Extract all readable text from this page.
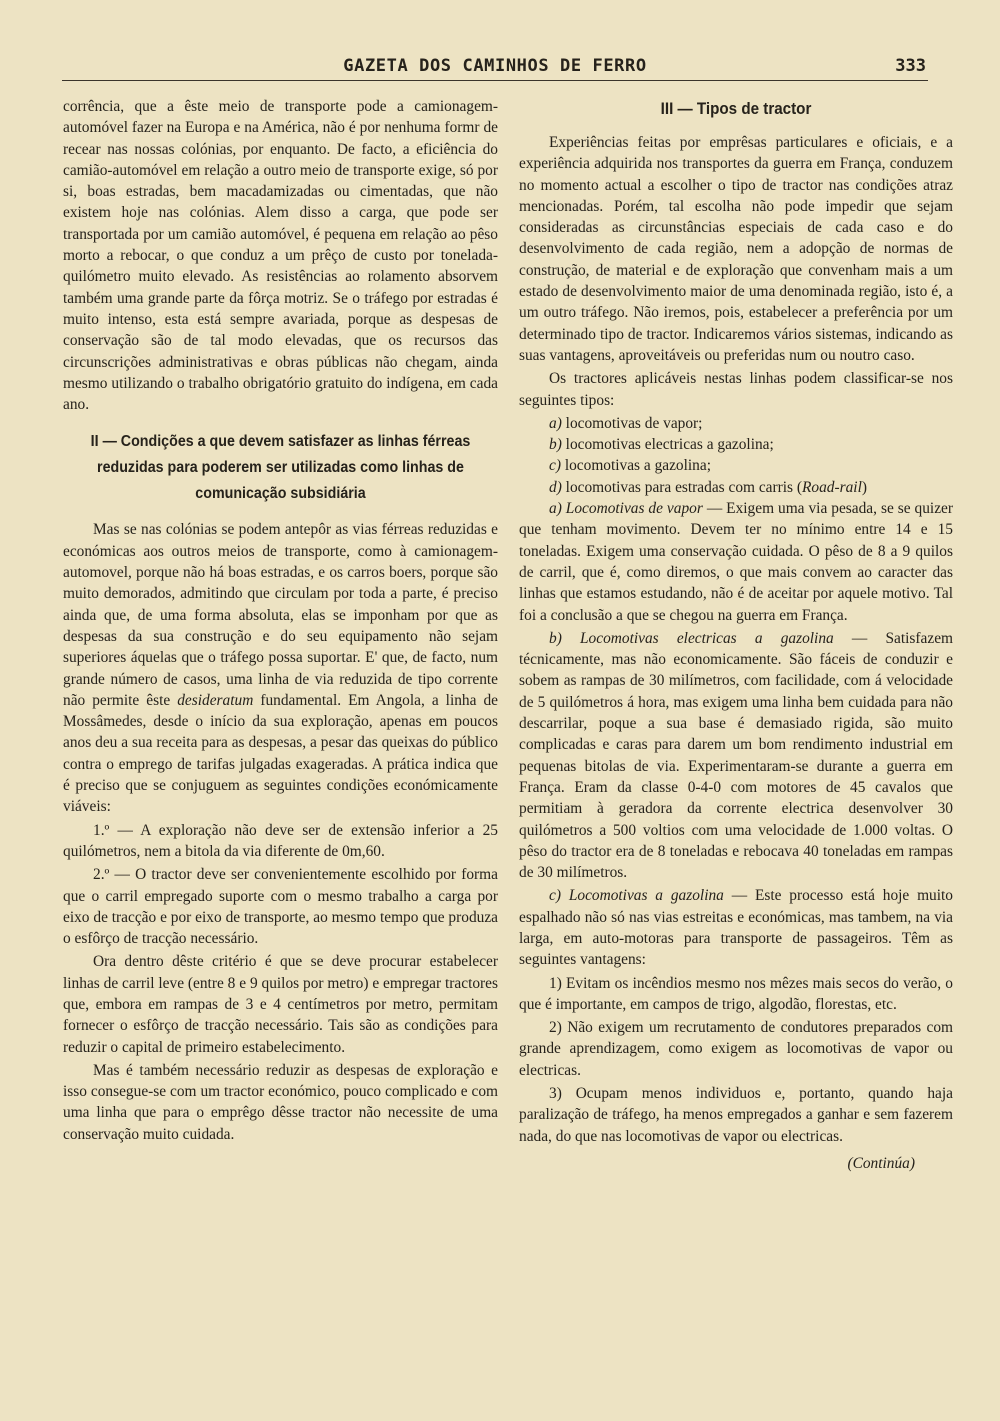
GAZETA DOS CAMINHOS DE FERRO	333

corrência, que a êste meio de transporte pode a camionagem-automóvel fazer na Europa e na América, não é por nenhuma formr de recear nas nossas colónias, por enquanto. De facto, a eficiência do camião-automóvel em relação a outro meio de transporte exige, só por si, boas estradas, bem macadamizadas ou cimentadas, que não existem hoje nas colónias. Alem disso a carga, que pode ser transportada por um camião automóvel, é pequena em relação ao pêso morto a rebocar, o que conduz a um prêço de custo por tonelada-quilómetro muito elevado. As resistências ao rolamento absorvem também uma grande parte da fôrça motriz. Se o tráfego por estradas é muito intenso, esta está sempre avariada, porque as despesas de conservação são de tal modo elevadas, que os recursos das circunscrições administrativas e obras públicas não chegam, ainda mesmo utilizando o trabalho obrigatório gratuito do indígena, em cada ano.

II — Condições a que devem satisfazer as linhas férreas reduzidas para poderem ser utilizadas como linhas de comunicação subsidiária

Mas se nas colónias se podem antepôr as vias férreas reduzidas e económicas aos outros meios de transporte, como à camionagem-automovel, porque não há boas estradas, e os carros boers, porque são muito demorados, admitindo que circulam por toda a parte, é preciso ainda que, de uma forma absoluta, elas se imponham por que as despesas da sua construção e do seu equipamento não sejam superiores áquelas que o tráfego possa suportar. E' que, de facto, num grande número de casos, uma linha de via reduzida de tipo corrente não permite êste desideratum fundamental. Em Angola, a linha de Mossâmedes, desde o início da sua exploração, apenas em poucos anos deu a sua receita para as despesas, a pesar das queixas do público contra o emprego de tarifas julgadas exageradas. A prática indica que é preciso que se conjuguem as seguintes condições económicamente viáveis:

1.º — A exploração não deve ser de extensão inferior a 25 quilómetros, nem a bitola da via diferente de 0m,60.

2.º — O tractor deve ser convenientemente escolhido por forma que o carril empregado suporte com o mesmo trabalho a carga por eixo de tracção e por eixo de transporte, ao mesmo tempo que produza o esfôrço de tracção necessário.

Ora dentro dêste critério é que se deve procurar estabelecer linhas de carril leve (entre 8 e 9 quilos por metro) e empregar tractores que, embora em rampas de 3 e 4 centímetros por metro, permitam fornecer o esfôrço de tracção necessário. Tais são as condições para reduzir o capital de primeiro estabelecimento.

Mas é também necessário reduzir as despesas de exploração e isso consegue-se com um tractor económico, pouco complicado e com uma linha que para o emprêgo dêsse tractor não necessite de uma conservação muito cuidada.

III — Tipos de tractor

Experiências feitas por emprêsas particulares e oficiais, e a experiência adquirida nos transportes da guerra em França, conduzem no momento actual a escolher o tipo de tractor nas condições atraz mencionadas. Porém, tal escolha não pode impedir que sejam consideradas as circunstâncias especiais de cada caso e do desenvolvimento de cada região, nem a adopção de normas de construção, de material e de exploração que convenham mais a um estado de desenvolvimento maior de uma denominada região, isto é, a um outro tráfego. Não iremos, pois, estabelecer a preferência por um determinado tipo de tractor. Indicaremos vários sistemas, indicando as suas vantagens, aproveitáveis ou preferidas num ou noutro caso.

Os tractores aplicáveis nestas linhas podem classificar-se nos seguintes tipos:

a) locomotivas de vapor;

b) locomotivas electricas a gazolina;

c) locomotivas a gazolina;

d) locomotivas para estradas com carris (Road-rail)

a) Locomotivas de vapor — Exigem uma via pesada, se se quizer que tenham movimento. Devem ter no mínimo entre 14 e 15 toneladas. Exigem uma conservação cuidada. O pêso de 8 a 9 quilos de carril, que é, como diremos, o que mais convem ao caracter das linhas que estamos estudando, não é de aceitar por aquele motivo. Tal foi a conclusão a que se chegou na guerra em França.

b) Locomotivas electricas a gazolina — Satisfazem técnicamente, mas não economicamente. São fáceis de conduzir e sobem as rampas de 30 milímetros, com facilidade, com á velocidade de 5 quilómetros á hora, mas exigem uma linha bem cuidada para não descarrilar, poque a sua base é demasiado rigida, são muito complicadas e caras para darem um bom rendimento industrial em pequenas bitolas de via. Experimentaram-se durante a guerra em França. Eram da classe 0-4-0 com motores de 45 cavalos que permitiam à geradora da corrente electrica desenvolver 30 quilómetros a 500 voltios com uma velocidade de 1.000 voltas. O pêso do tractor era de 8 toneladas e rebocava 40 toneladas em rampas de 30 milímetros.

c) Locomotivas a gazolina — Este processo está hoje muito espalhado não só nas vias estreitas e económicas, mas tambem, na via larga, em auto-motoras para transporte de passageiros. Têm as seguintes vantagens:

1) Evitam os incêndios mesmo nos mêzes mais secos do verão, o que é importante, em campos de trigo, algodão, florestas, etc.

2) Não exigem um recrutamento de condutores preparados com grande aprendizagem, como exigem as locomotivas de vapor ou electricas.

3) Ocupam menos individuos e, portanto, quando haja paralização de tráfego, ha menos empregados a ganhar e sem fazerem nada, do que nas locomotivas de vapor ou electricas.

(Continúa)
